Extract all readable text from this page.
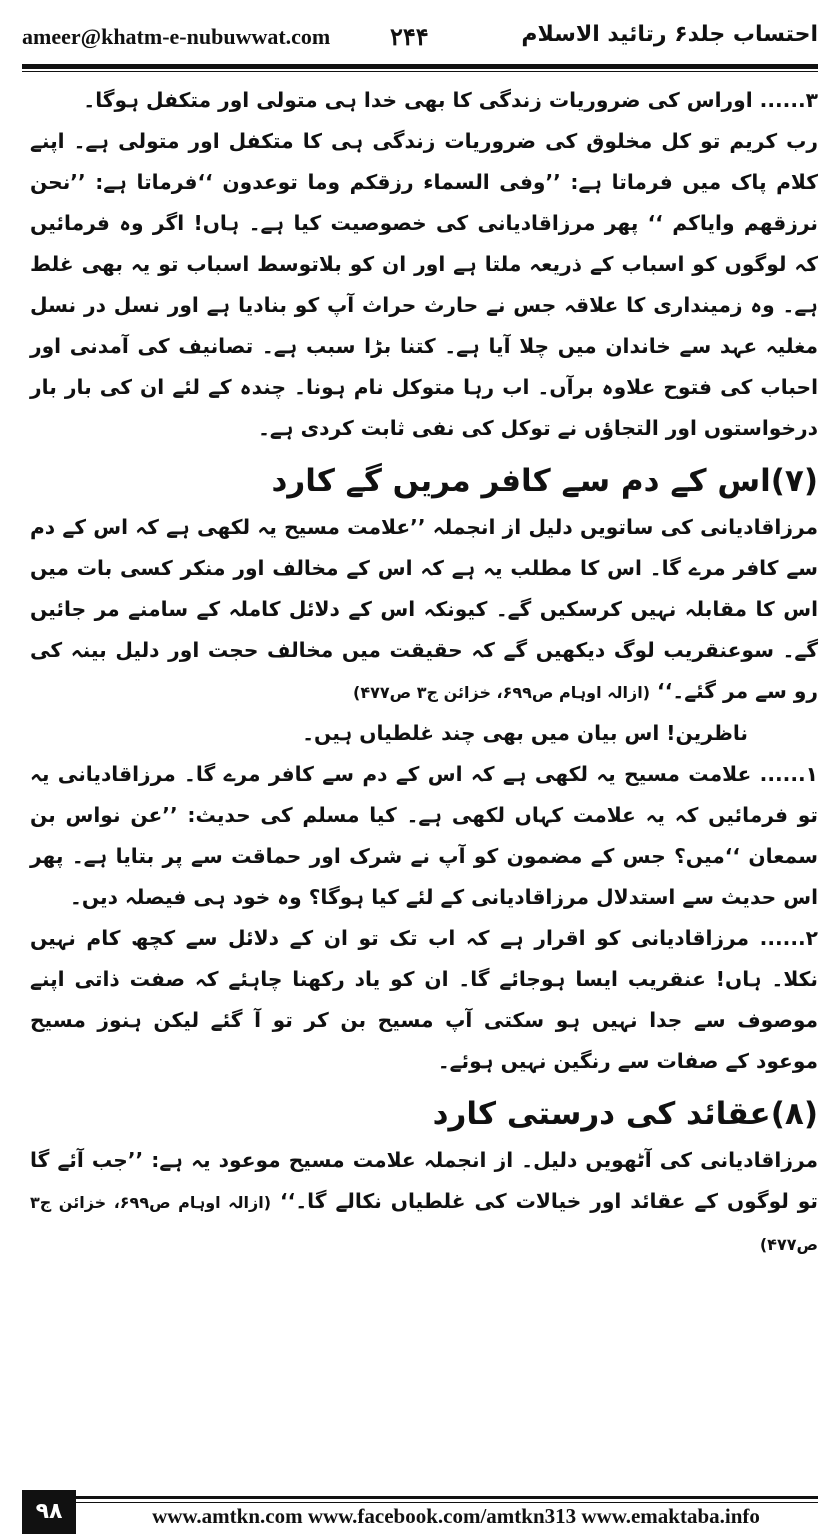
ameer@khatm-e-nubuwwat.com ۲۴۴	احتساب جلد۶ رتائید الاسلام

۳...... اوراس کی ضروریات زندگی کا بھی خدا ہی متولی اور متکفل ہوگا۔

رب کریم تو کل مخلوق کی ضروریات زندگی ہی کا متکفل اور متولی ہے۔ اپنے کلام پاک میں فرماتا ہے: ’’وفی السماء رزقکم وما توعدون ‘‘فرماتا ہے: ’’نحن نرزقهم وایاکم ‘‘ پھر مرزاقادیانی کی خصوصیت کیا ہے۔ ہاں! اگر وہ فرمائیں کہ لوگوں کو اسباب کے ذریعہ ملتا ہے اور ان کو بلاتوسط اسباب تو یہ بھی غلط ہے۔ وہ زمینداری کا علاقہ جس نے حارث حراث آپ کو بنادیا ہے اور نسل در نسل مغلیہ عہد سے خاندان میں چلا آیا ہے۔ کتنا بڑا سبب ہے۔ تصانیف کی آمدنی اور احباب کی فتوح علاوہ برآں۔ اب رہا متوکل نام ہونا۔ چندہ کے لئے ان کی بار بار درخواستوں اور التجاؤں نے توکل کی نفی ثابت کردی ہے۔

(۷)اس کے دم سے کافر مریں گے کارد

مرزاقادیانی کی ساتویں دلیل از انجملہ ’’علامت مسیح یہ لکھی ہے کہ اس کے دم سے کافر مرے گا۔ اس کا مطلب یہ ہے کہ اس کے مخالف اور منکر کسی بات میں اس کا مقابلہ نہیں کرسکیں گے۔ کیونکہ اس کے دلائل کاملہ کے سامنے مر جائیں گے۔ سوعنقریب لوگ دیکھیں گے کہ حقیقت میں مخالف حجت اور دلیل بینہ کی رو سے مر گئے۔‘‘ (ازالہ اوہام ص۶۹۹، خزائن ج۳ ص۴۷۷)

ناظرین! اس بیان میں بھی چند غلطیاں ہیں۔

۱...... علامت مسیح یہ لکھی ہے کہ اس کے دم سے کافر مرے گا۔ مرزاقادیانی یہ تو فرمائیں کہ یہ علامت کہاں لکھی ہے۔ کیا مسلم کی حدیث: ’’عن نواس بن سمعان ‘‘میں؟ جس کے مضمون کو آپ نے شرک اور حماقت سے پر بتایا ہے۔ پھر اس حدیث سے استدلال مرزاقادیانی کے لئے کیا ہوگا؟ وہ خود ہی فیصلہ دیں۔

۲...... مرزاقادیانی کو اقرار ہے کہ اب تک تو ان کے دلائل سے کچھ کام نہیں نکلا۔ ہاں! عنقریب ایسا ہوجائے گا۔ ان کو یاد رکھنا چاہئے کہ صفت ذاتی اپنے موصوف سے جدا نہیں ہو سکتی آپ مسیح بن کر تو آ گئے لیکن ہنوز مسیح موعود کے صفات سے رنگین نہیں ہوئے۔

(۸)عقائد کی درستی کارد

مرزاقادیانی کی آٹھویں دلیل۔ از انجملہ علامت مسیح موعود یہ ہے: ’’جب آئے گا تو لوگوں کے عقائد اور خیالات کی غلطیاں نکالے گا۔‘‘ (ازالہ اوہام ص۶۹۹، خزائن ج۳ ص۴۷۷)

۹۸	www.amtkn.com www.facebook.com/amtkn313 www.emaktaba.info
